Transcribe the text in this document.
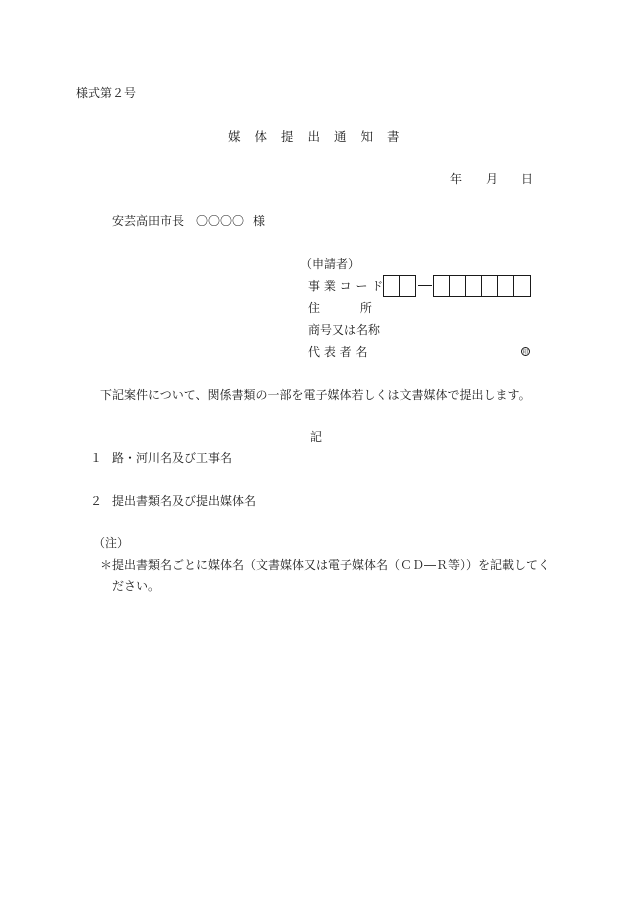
様式第２号
媒体提出通知書
年 月 日
安芸高田市長　〇〇〇〇 様
（申請者）
事 業 コ ー ド
住　　　 所
商号又は名称
代 表 者 名	印
下記案件について、関係書類の一部を電子媒体若しくは文書媒体で提出します。
記
１ 路・河川名及び工事名
２ 提出書類名及び提出媒体名
（注）
＊提出書類名ごとに媒体名（文書媒体又は電子媒体名（ＣＤ―Ｒ等））を記載してく
ださい。
